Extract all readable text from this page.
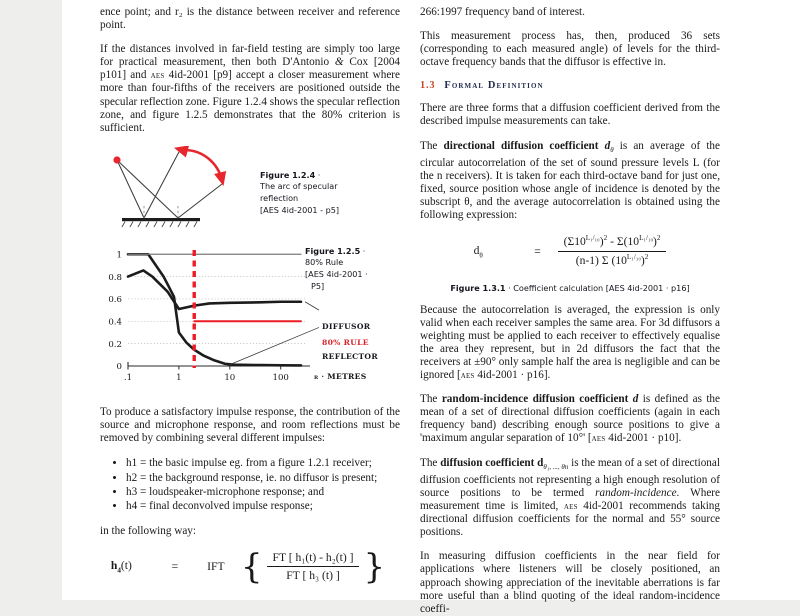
ence point; and r₂ is the distance between receiver and reference point.

If the distances involved in far-field testing are simply too large for practical measurement, then both D'Antonio & Cox [2004 p101] and aes 4id-2001 [p9] accept a closer measurement where more than four-fifths of the receivers are positioned outside the specular reflection zone. Figure 1.2.4 shows the specular reflection zone, and figure 1.2.5 demonstrates that the 80% criterion is sufficient.

Figure 1.2.4 ·
The arc of specular
reflection
[AES 4id-2001 - p5]
0
0.2
0.4
0.6
0.8
1
.1	1	10	100
Figure 1.2.5 ·
80% Rule
[AES 4id-2001 ·
P5]
DIFFUSOR
80% RULE
REFLECTOR
r · METRES

To produce a satisfactory impulse response, the contribution of the source and microphone response, and room reflections must be removed by combining several different impulses:

• h1 = the basic impulse eg. from a figure 1.2.1 receiver;
• h2 = the background response, ie. no diffusor is present;
• h3 = loudspeaker-microphone response; and
• h4 = final deconvolved impulse response;

in the following way:

$h_4(t)$	=	IFT { $\frac{\text{FT [ h₁(t) - h₂(t) ]}}{\text{FT [ h₃ (t) ]}}$ }

266:1997 frequency band of interest.

This measurement process has, then, produced 36 sets (corresponding to each measured angle) of levels for the third-octave frequency bands that the diffusor is effective in.

1.3 Formal Definition

There are three forms that a diffusion coefficient derived from the described impulse measurements can take.

The directional diffusion coefficient $d_\theta$ is an average of the circular autocorrelation of the set of sound pressure levels L (for the n receivers). It is taken for each third-octave band for just one, fixed, source position whose angle of incidence is denoted by the subscript θ, and the average autocorrelation is obtained using the following expression:

$d_\theta$	=	$\frac{(\Sigma 10^{L_1/_{10}})^2 - \Sigma(10^{L_1/_{10}})^2}{(n-1) \Sigma (10^{L_1/_{10}})^2}$
Figure 1.3.1 · Coefficient calculation [AES 4id-2001 · p16]

Because the autocorrelation is averaged, the expression is only valid when each receiver samples the same area. For 3d diffusors a weighting must be applied to each receiver to effectively equalise the area they represent, but in 2d diffusors the fact that the receivers at ±90° only sample half the area is negligible and can be ignored [aes 4id-2001 · p16].

The random-incidence diffusion coefficient d is defined as the mean of a set of directional diffusion coefficients (again in each frequency band) describing enough source positions to give a 'maximum angular separation of 10°' [aes 4id-2001 · p10].

The diffusion coefficient $d_{\theta_1, ..., \theta n}$ is the mean of a set of directional diffusion coefficients not representing a high enough resolution of source positions to be termed random-incidence. Where measurement time is limited, aes 4id-2001 recommends taking directional diffusion coefficients for the normal and 55° source positions.

In measuring diffusion coefficients in the near field for applications where listeners will be closely positioned, an approach showing appreciation of the inevitable aberrations is far more useful than a blind quoting of the ideal random-incidence coeffi-
